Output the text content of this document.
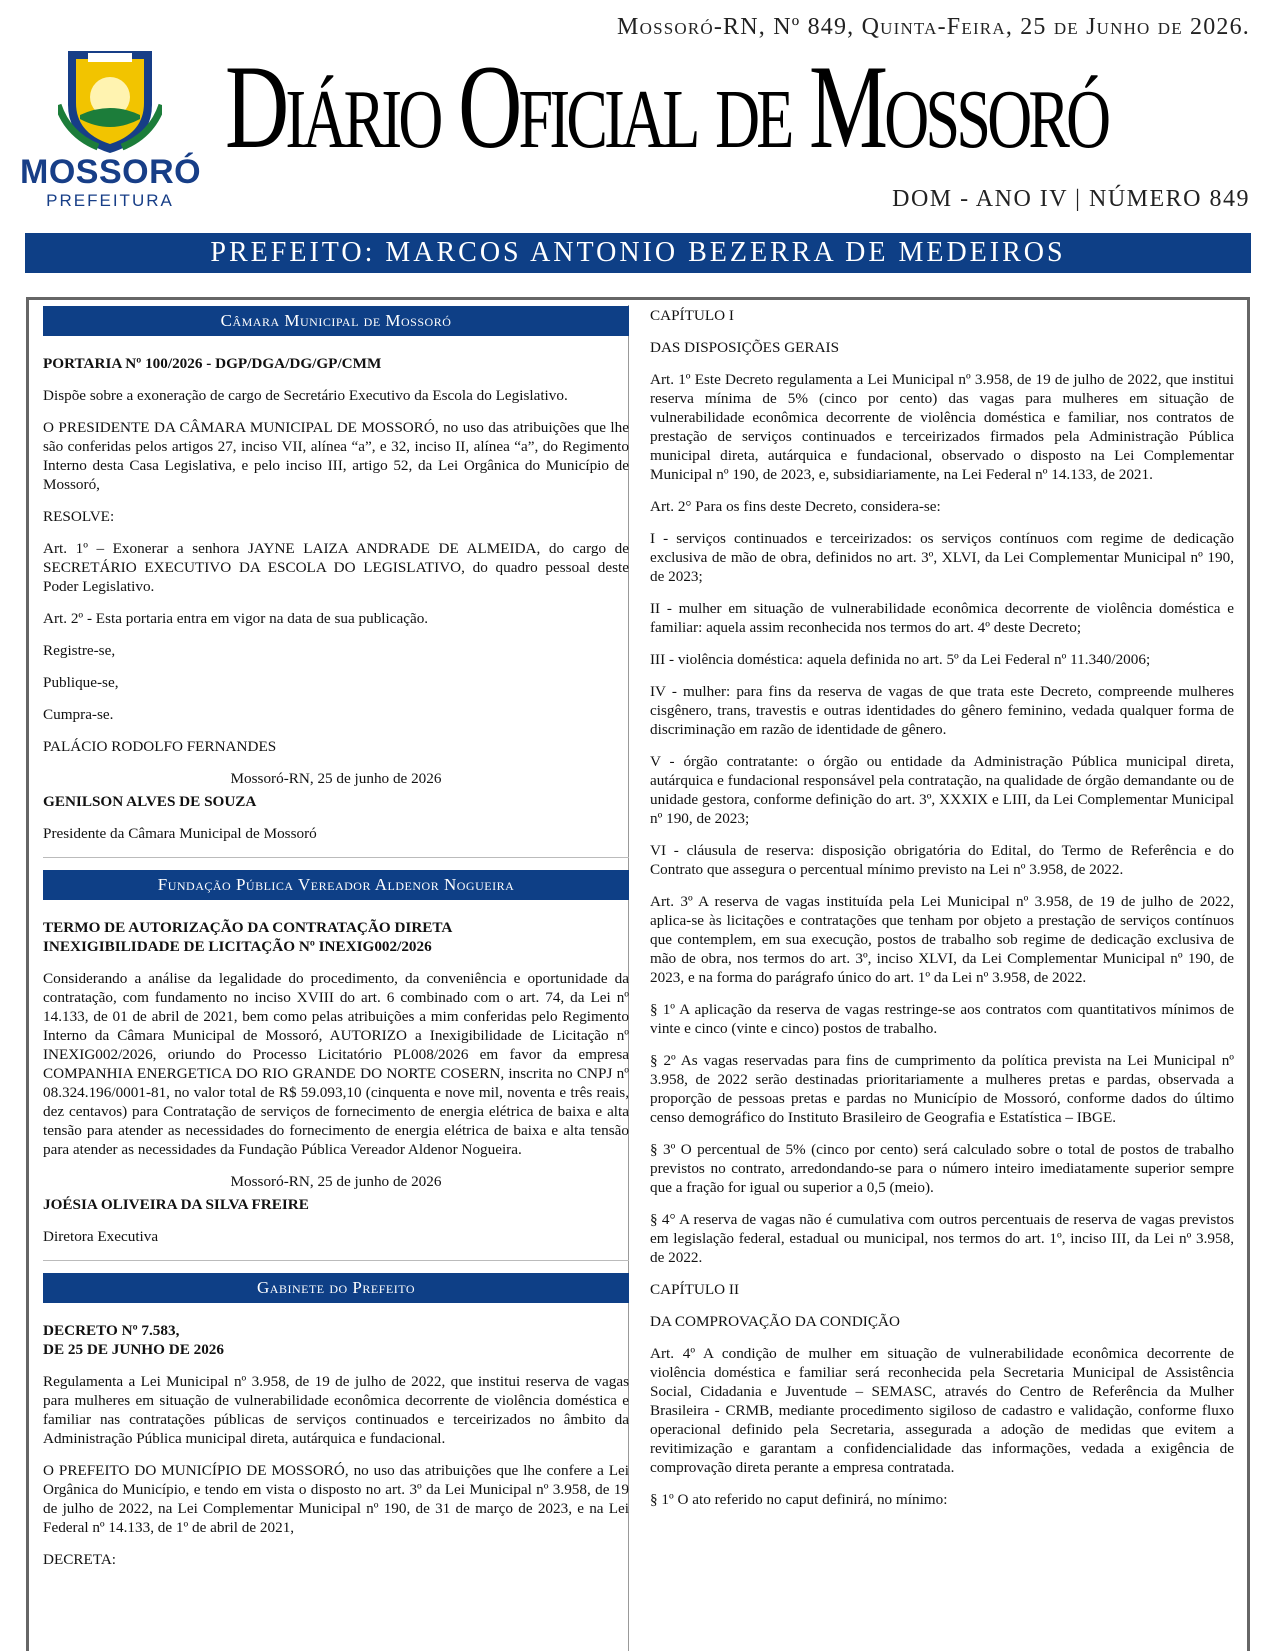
MOSSORÓ
PREFEITURA
Mossoró-RN, Nº 849, Quinta-Feira, 25 de Junho de 2026.
Diário Oficial de Mossoró
DOM - ANO IV | NÚMERO 849
PREFEITO: MARCOS ANTONIO BEZERRA DE MEDEIROS
Câmara Municipal de Mossoró

PORTARIA Nº 100/2026 - DGP/DGA/DG/GP/CMM

Dispõe sobre a exoneração de cargo de Secretário Executivo da Escola do Legislativo.

O PRESIDENTE DA CÂMARA MUNICIPAL DE MOSSORÓ, no uso das atribuições que lhe são conferidas pelos artigos 27, inciso VII, alínea “a”, e 32, inciso II, alínea “a”, do Regimento Interno desta Casa Legislativa, e pelo inciso III, artigo 52, da Lei Orgânica do Município de Mossoró,

RESOLVE:

Art. 1º – Exonerar a senhora JAYNE LAIZA ANDRADE DE ALMEIDA, do cargo de SECRETÁRIO EXECUTIVO DA ESCOLA DO LEGISLATIVO, do quadro pessoal deste Poder Legislativo.

Art. 2º - Esta portaria entra em vigor na data de sua publicação.

Registre-se,

Publique-se,

Cumpra-se.

PALÁCIO RODOLFO FERNANDES

Mossoró-RN, 25 de junho de 2026

GENILSON ALVES DE SOUZA

Presidente da Câmara Municipal de Mossoró

Fundação Pública Vereador Aldenor Nogueira

TERMO DE AUTORIZAÇÃO DA CONTRATAÇÃO DIRETA

INEXIGIBILIDADE DE LICITAÇÃO Nº INEXIG002/2026

Considerando a análise da legalidade do procedimento, da conveniência e oportunidade da contratação, com fundamento no inciso XVIII do art. 6 combinado com o art. 74, da Lei nº 14.133, de 01 de abril de 2021, bem como pelas atribuições a mim conferidas pelo Regimento Interno da Câmara Municipal de Mossoró, AUTORIZO a Inexigibilidade de Licitação nº INEXIG002/2026, oriundo do Processo Licitatório PL008/2026 em favor da empresa COMPANHIA ENERGETICA DO RIO GRANDE DO NORTE COSERN, inscrita no CNPJ nº 08.324.196/0001-81, no valor total de R$ 59.093,10 (cinquenta e nove mil, noventa e três reais, dez centavos) para Contratação de serviços de fornecimento de energia elétrica de baixa e alta tensão para atender as necessidades do fornecimento de energia elétrica de baixa e alta tensão para atender as necessidades da Fundação Pública Vereador Aldenor Nogueira.

Mossoró-RN, 25 de junho de 2026

JOÉSIA OLIVEIRA DA SILVA FREIRE

Diretora Executiva

Gabinete do Prefeito

DECRETO Nº 7.583,

DE 25 DE JUNHO DE 2026

Regulamenta a Lei Municipal nº 3.958, de 19 de julho de 2022, que institui reserva de vagas para mulheres em situação de vulnerabilidade econômica decorrente de violência doméstica e familiar nas contratações públicas de serviços continuados e terceirizados no âmbito da Administração Pública municipal direta, autárquica e fundacional.

O PREFEITO DO MUNICÍPIO DE MOSSORÓ, no uso das atribuições que lhe confere a Lei Orgânica do Município, e tendo em vista o disposto no art. 3º da Lei Municipal nº 3.958, de 19 de julho de 2022, na Lei Complementar Municipal nº 190, de 31 de março de 2023, e na Lei Federal nº 14.133, de 1º de abril de 2021,

DECRETA:

CAPÍTULO I

DAS DISPOSIÇÕES GERAIS

Art. 1º Este Decreto regulamenta a Lei Municipal nº 3.958, de 19 de julho de 2022, que institui reserva mínima de 5% (cinco por cento) das vagas para mulheres em situação de vulnerabilidade econômica decorrente de violência doméstica e familiar, nos contratos de prestação de serviços continuados e terceirizados firmados pela Administração Pública municipal direta, autárquica e fundacional, observado o disposto na Lei Complementar Municipal nº 190, de 2023, e, subsidiariamente, na Lei Federal nº 14.133, de 2021.

Art. 2° Para os fins deste Decreto, considera-se:

I - serviços continuados e terceirizados: os serviços contínuos com regime de dedicação exclusiva de mão de obra, definidos no art. 3º, XLVI, da Lei Complementar Municipal nº 190, de 2023;

II - mulher em situação de vulnerabilidade econômica decorrente de violência doméstica e familiar: aquela assim reconhecida nos termos do art. 4º deste Decreto;

III - violência doméstica: aquela definida no art. 5º da Lei Federal nº 11.340/2006;

IV - mulher: para fins da reserva de vagas de que trata este Decreto, compreende mulheres cisgênero, trans, travestis e outras identidades do gênero feminino, vedada qualquer forma de discriminação em razão de identidade de gênero.

V - órgão contratante: o órgão ou entidade da Administração Pública municipal direta, autárquica e fundacional responsável pela contratação, na qualidade de órgão demandante ou de unidade gestora, conforme definição do art. 3º, XXXIX e LIII, da Lei Complementar Municipal nº 190, de 2023;

VI - cláusula de reserva: disposição obrigatória do Edital, do Termo de Referência e do Contrato que assegura o percentual mínimo previsto na Lei nº 3.958, de 2022.

Art. 3º A reserva de vagas instituída pela Lei Municipal nº 3.958, de 19 de julho de 2022, aplica-se às licitações e contratações que tenham por objeto a prestação de serviços contínuos que contemplem, em sua execução, postos de trabalho sob regime de dedicação exclusiva de mão de obra, nos termos do art. 3º, inciso XLVI, da Lei Complementar Municipal nº 190, de 2023, e na forma do parágrafo único do art. 1º da Lei nº 3.958, de 2022.

§ 1º A aplicação da reserva de vagas restringe-se aos contratos com quantitativos mínimos de vinte e cinco (vinte e cinco) postos de trabalho.

§ 2º As vagas reservadas para fins de cumprimento da política prevista na Lei Municipal nº 3.958, de 2022 serão destinadas prioritariamente a mulheres pretas e pardas, observada a proporção de pessoas pretas e pardas no Município de Mossoró, conforme dados do último censo demográfico do Instituto Brasileiro de Geografia e Estatística – IBGE.

§ 3º O percentual de 5% (cinco por cento) será calculado sobre o total de postos de trabalho previstos no contrato, arredondando-se para o número inteiro imediatamente superior sempre que a fração for igual ou superior a 0,5 (meio).

§ 4° A reserva de vagas não é cumulativa com outros percentuais de reserva de vagas previstos em legislação federal, estadual ou municipal, nos termos do art. 1º, inciso III, da Lei nº 3.958, de 2022.

CAPÍTULO II

DA COMPROVAÇÃO DA CONDIÇÃO

Art. 4º A condição de mulher em situação de vulnerabilidade econômica decorrente de violência doméstica e familiar será reconhecida pela Secretaria Municipal de Assistência Social, Cidadania e Juventude – SEMASC, através do Centro de Referência da Mulher Brasileira - CRMB, mediante procedimento sigiloso de cadastro e validação, conforme fluxo operacional definido pela Secretaria, assegurada a adoção de medidas que evitem a revitimização e garantam a confidencialidade das informações, vedada a exigência de comprovação direta perante a empresa contratada.

§ 1º O ato referido no caput definirá, no mínimo:
